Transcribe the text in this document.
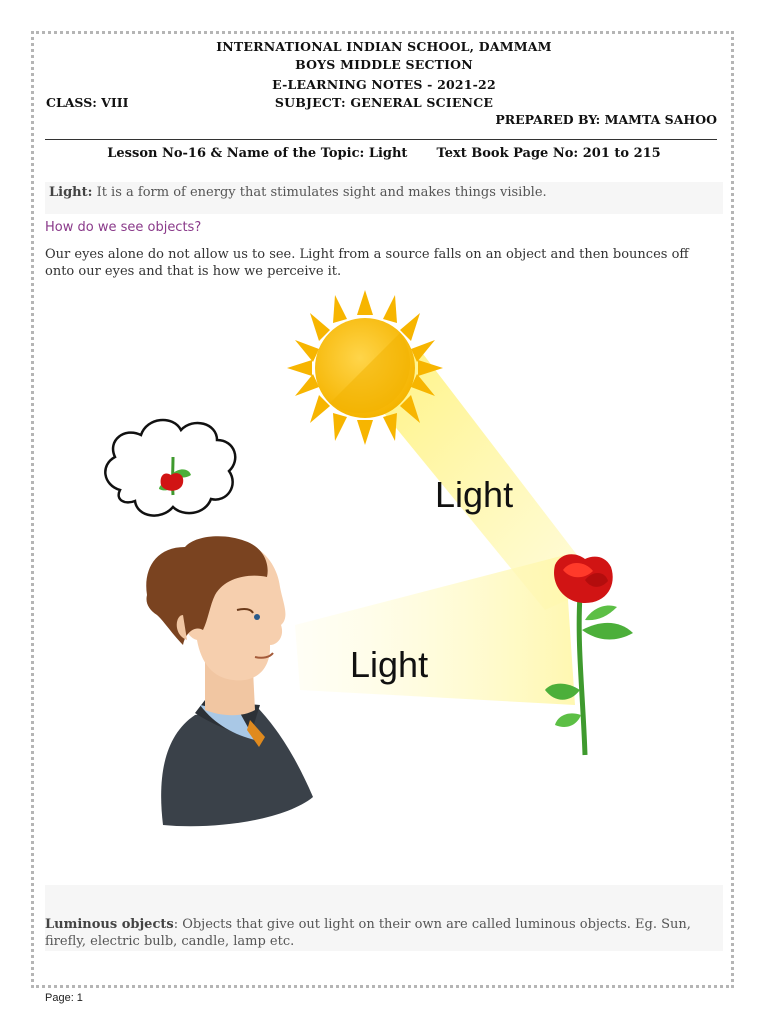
INTERNATIONAL INDIAN SCHOOL, DAMMAM
BOYS MIDDLE SECTION
E-LEARNING NOTES - 2021-22
CLASS: VIII	SUBJECT: GENERAL SCIENCE
PREPARED BY: MAMTA SAHOO
Lesson No-16 & Name of the Topic: Light Text Book Page No: 201 to 215
Light: It is a form of energy that stimulates sight and makes things visible.
How do we see objects?
Our eyes alone do not allow us to see. Light from a source falls on an object and then bounces off onto our eyes and that is how we perceive it.
Light
Light
Luminous objects: Objects that give out light on their own are called luminous objects. Eg. Sun, firefly, electric bulb, candle, lamp etc.
Page: 1
